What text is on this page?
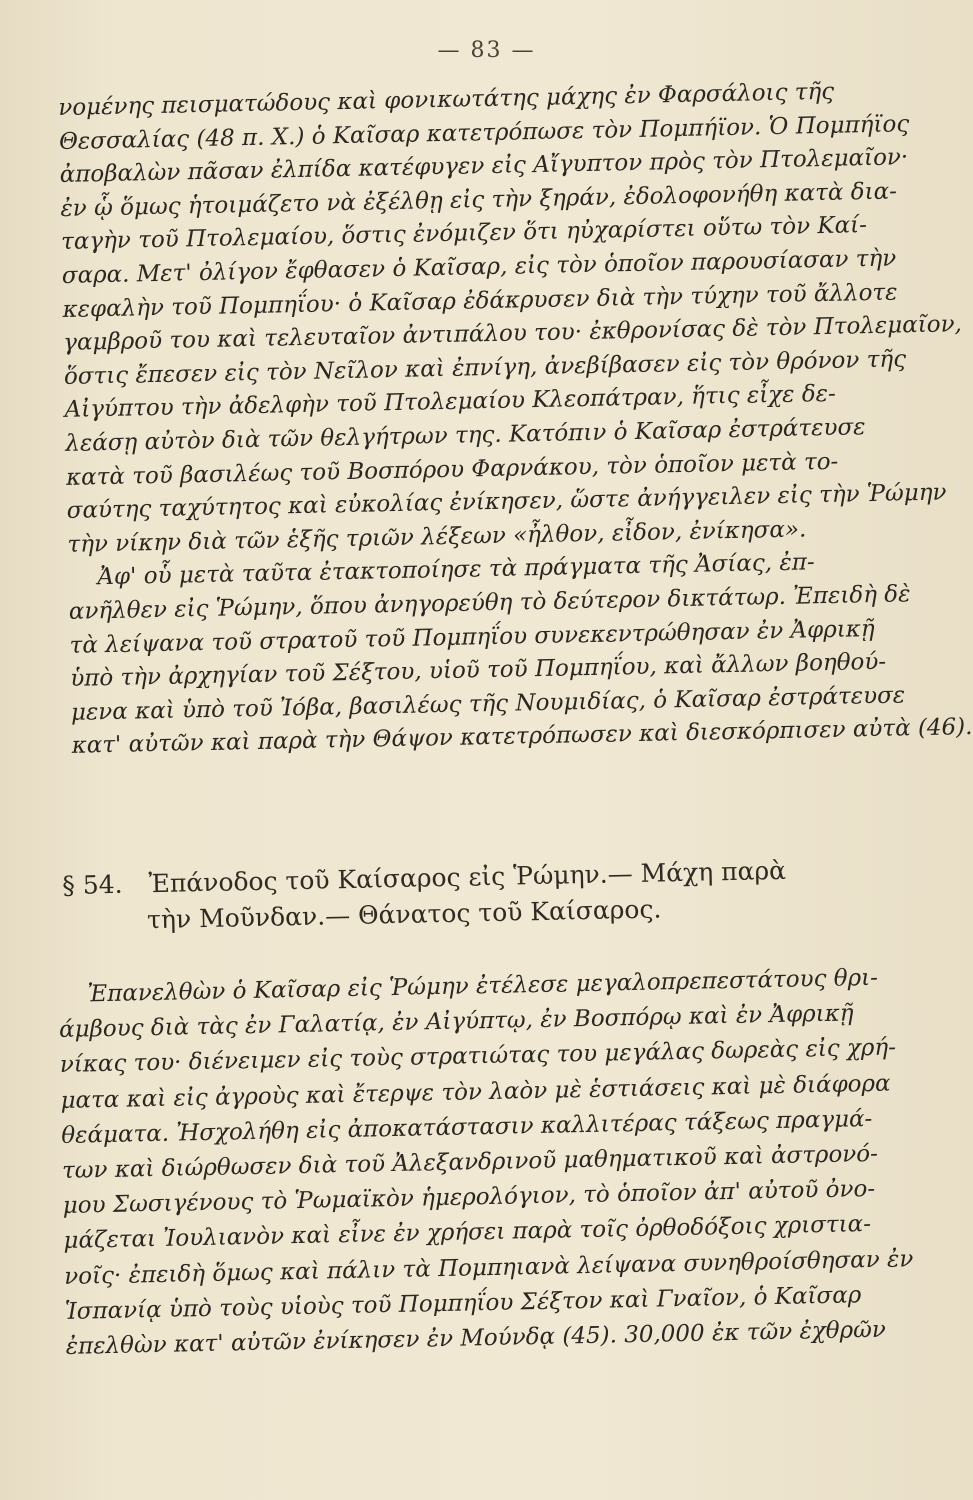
— 83 —
νομένης πεισματώδους καὶ φονικωτάτης μάχης ἐν Φαρσάλοις τῆς
Θεσσαλίας (48 π. Χ.) ὁ Καῖσαρ κατετρόπωσε τὸν Πομπήϊον. Ὁ Πομπήϊος
ἀποβαλὼν πᾶσαν ἐλπίδα κατέφυγεν εἰς Αἴγυπτον πρὸς τὸν Πτολεμαῖον·
ἐν ᾧ ὅμως ἡτοιμάζετο νὰ ἐξέλθῃ εἰς τὴν ξηράν, ἐδολοφονήθη κατὰ δια-
ταγὴν τοῦ Πτολεμαίου, ὅστις ἐνόμιζεν ὅτι ηὐχαρίστει οὕτω τὸν Καί-
σαρα. Μετ' ὀλίγον ἔφθασεν ὁ Καῖσαρ, εἰς τὸν ὁποῖον παρουσίασαν τὴν
κεφαλὴν τοῦ Πομπηΐου· ὁ Καῖσαρ ἐδάκρυσεν διὰ τὴν τύχην τοῦ ἄλλοτε
γαμβροῦ του καὶ τελευταῖον ἀντιπάλου του· ἐκθρονίσας δὲ τὸν Πτολεμαῖον,
ὅστις ἔπεσεν εἰς τὸν Νεῖλον καὶ ἐπνίγη, ἀνεβίβασεν εἰς τὸν θρόνον τῆς
Αἰγύπτου τὴν ἀδελφὴν τοῦ Πτολεμαίου Κλεοπάτραν, ἥτις εἶχε δε-
λεάσῃ αὐτὸν διὰ τῶν θελγήτρων της. Κατόπιν ὁ Καῖσαρ ἐστράτευσε
κατὰ τοῦ βασιλέως τοῦ Βοσπόρου Φαρνάκου, τὸν ὁποῖον μετὰ το-
σαύτης ταχύτητος καὶ εὐκολίας ἐνίκησεν, ὥστε ἀνήγγειλεν εἰς τὴν Ῥώμην
τὴν νίκην διὰ τῶν ἑξῆς τριῶν λέξεων «ἦλθον, εἶδον, ἐνίκησα».
Ἀφ' οὗ μετὰ ταῦτα ἐτακτοποίησε τὰ πράγματα τῆς Ἀσίας, ἐπ-
ανῆλθεν εἰς Ῥώμην, ὅπου ἀνηγορεύθη τὸ δεύτερον δικτάτωρ. Ἐπειδὴ δὲ
τὰ λείψανα τοῦ στρατοῦ τοῦ Πομπηΐου συνεκεντρώθησαν ἐν Ἀφρικῇ
ὑπὸ τὴν ἀρχηγίαν τοῦ Σέξτου, υἱοῦ τοῦ Πομπηΐου, καὶ ἄλλων βοηθού-
μενα καὶ ὑπὸ τοῦ Ἰόβα, βασιλέως τῆς Νουμιδίας, ὁ Καῖσαρ ἐστράτευσε
κατ' αὐτῶν καὶ παρὰ τὴν Θάψον κατετρόπωσεν καὶ διεσκόρπισεν αὐτὰ (46).
§ 54. Ἐπάνοδος τοῦ Καίσαρος εἰς Ῥώμην.— Μάχη παρὰ
τὴν Μοῦνδαν.— Θάνατος τοῦ Καίσαρος.
Ἐπανελθὼν ὁ Καῖσαρ εἰς Ῥώμην ἐτέλεσε μεγαλοπρεπεστάτους θρι-
άμβους διὰ τὰς ἐν Γαλατίᾳ, ἐν Αἰγύπτῳ, ἐν Βοσπόρῳ καὶ ἐν Ἀφρικῇ
νίκας του· διένειμεν εἰς τοὺς στρατιώτας του μεγάλας δωρεὰς εἰς χρή-
ματα καὶ εἰς ἀγροὺς καὶ ἔτερψε τὸν λαὸν μὲ ἑστιάσεις καὶ μὲ διάφορα
θεάματα. Ἠσχολήθη εἰς ἀποκατάστασιν καλλιτέρας τάξεως πραγμά-
των καὶ διώρθωσεν διὰ τοῦ Ἀλεξανδρινοῦ μαθηματικοῦ καὶ ἀστρονό-
μου Σωσιγένους τὸ Ῥωμαϊκὸν ἡμερολόγιον, τὸ ὁποῖον ἀπ' αὐτοῦ ὀνο-
μάζεται Ἰουλιανὸν καὶ εἶνε ἐν χρήσει παρὰ τοῖς ὀρθοδόξοις χριστια-
νοῖς· ἐπειδὴ ὅμως καὶ πάλιν τὰ Πομπηιανὰ λείψανα συνηθροίσθησαν ἐν
Ἱσπανίᾳ ὑπὸ τοὺς υἱοὺς τοῦ Πομπηΐου Σέξτον καὶ Γναῖον, ὁ Καῖσαρ
ἐπελθὼν κατ' αὐτῶν ἐνίκησεν ἐν Μούνδᾳ (45). 30,000 ἐκ τῶν ἐχθρῶν
